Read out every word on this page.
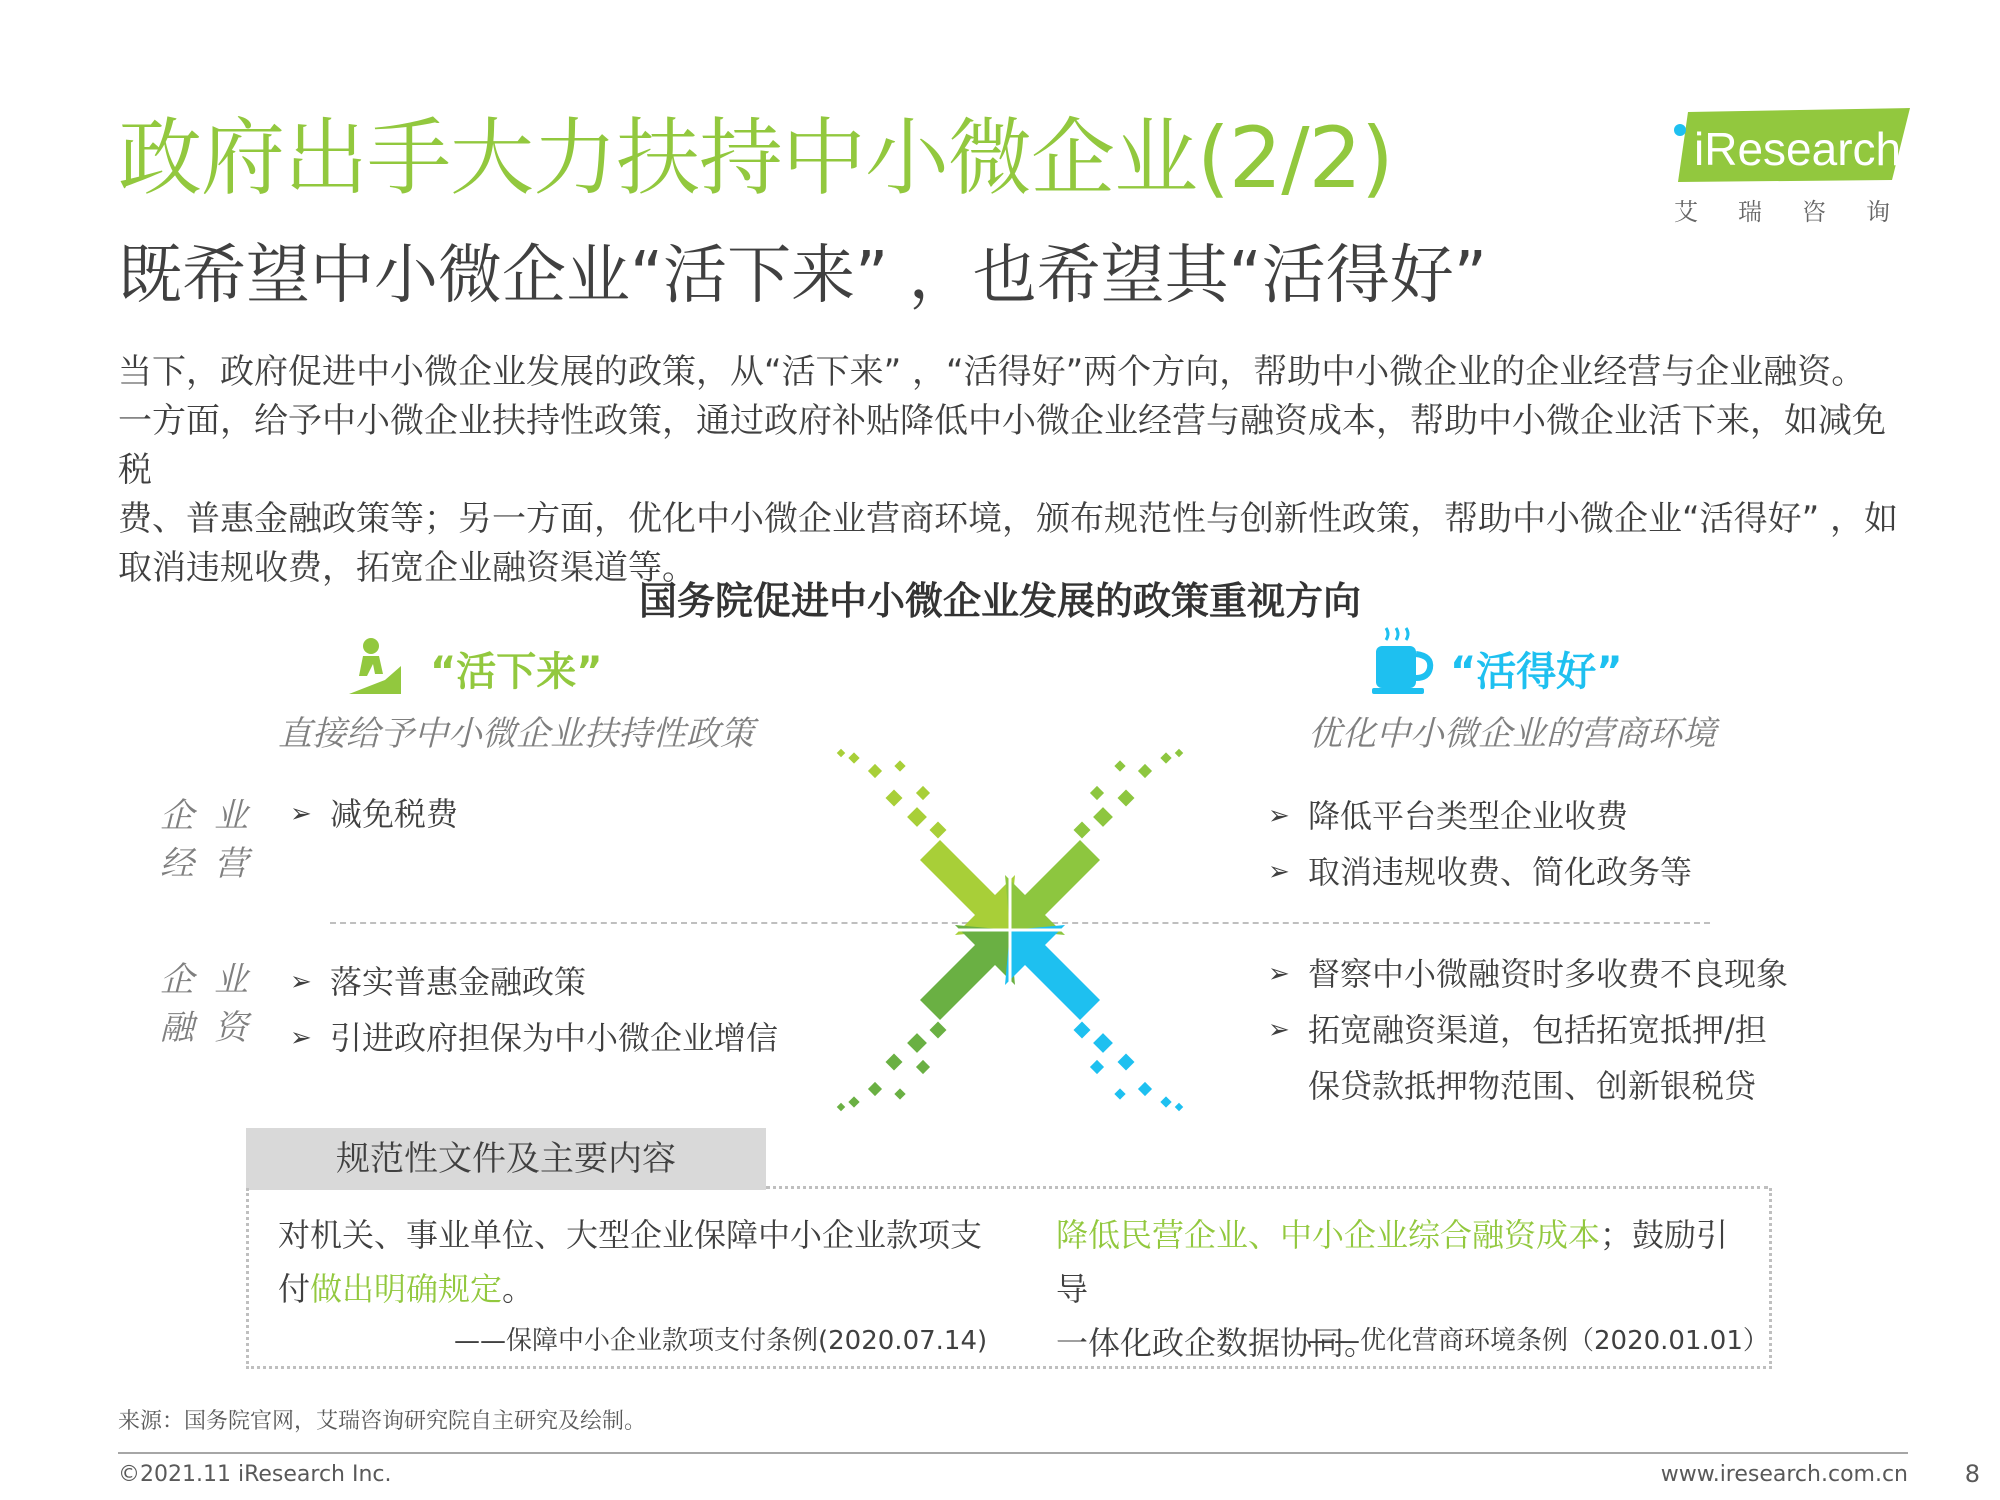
政府出手大力扶持中小微企业(2/2)
既希望中小微企业“活下来” ，也希望其“活得好”
iResearch
艾瑞咨询
当下，政府促进中小微企业发展的政策，从“活下来” ，“活得好”两个方向，帮助中小微企业的企业经营与企业融资。
一方面，给予中小微企业扶持性政策，通过政府补贴降低中小微企业经营与融资成本，帮助中小微企业活下来，如减免税
费、普惠金融政策等；另一方面，优化中小微企业营商环境，颁布规范性与创新性政策，帮助中小微企业“活得好” ，如
取消违规收费，拓宽企业融资渠道等。
国务院促进中小微企业发展的政策重视方向
“活下来”
直接给予中小微企业扶持性政策
“活得好”
优化中小微企业的营商环境
企业
经营
企业
融资
➢ 减免税费	➢ 降低平台类型企业收费
➢ 取消违规收费、简化政务等
➢ 落实普惠金融政策
➢ 引进政府担保为中小微企业增信
➢ 督察中小微融资时多收费不良现象
➢ 拓宽融资渠道，包括拓宽抵押/担
保贷款抵押物范围、创新银税贷
规范性文件及主要内容
对机关、事业单位、大型企业保障中小企业款项支
付做出明确规定。
——保障中小企业款项支付条例(2020.07.14)
降低民营企业、中小企业综合融资成本；鼓励引导
一体化政企数据协同。
——优化营商环境条例（2020.01.01）
来源：国务院官网，艾瑞咨询研究院自主研究及绘制。
©2021.11 iResearch Inc.	www.iresearch.com.cn 8
